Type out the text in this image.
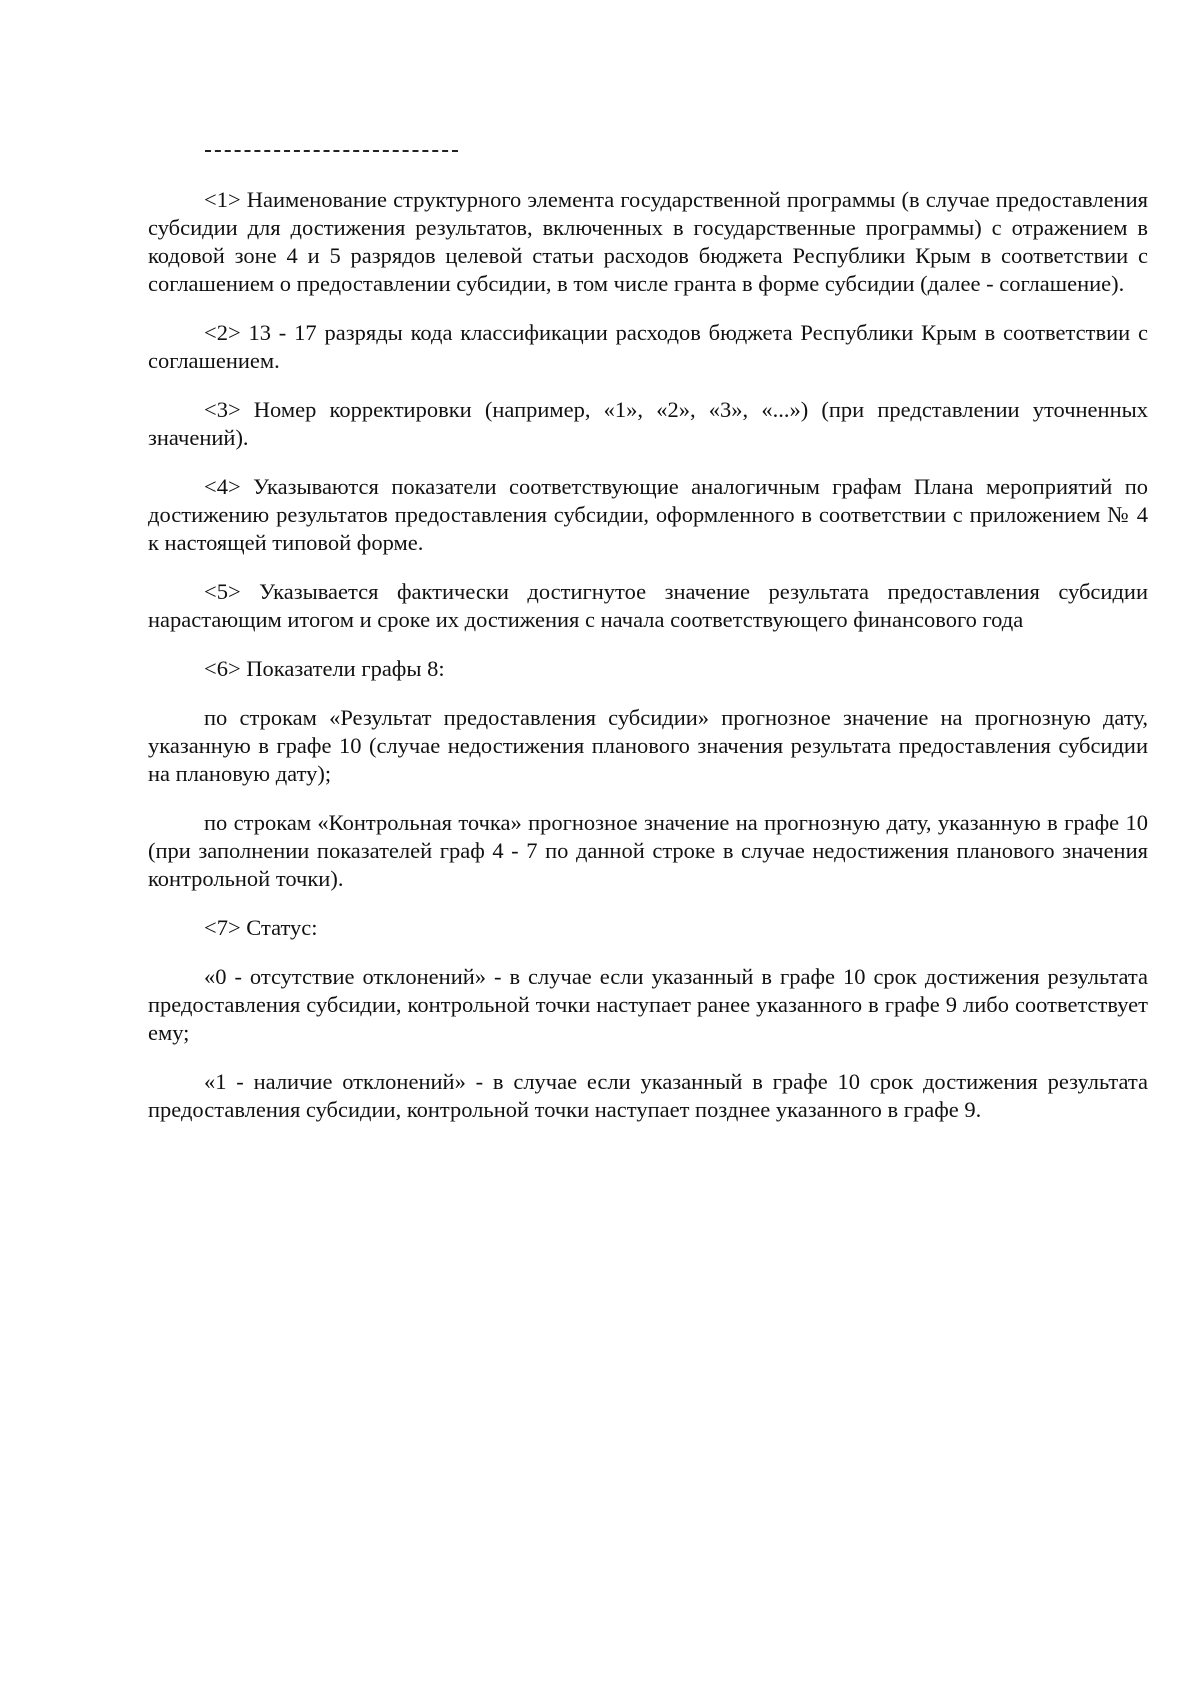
<1> Наименование структурного элемента государственной программы (в случае предоставления субсидии для достижения результатов, включенных в государственные программы) с отражением в кодовой зоне 4 и 5 разрядов целевой статьи расходов бюджета Республики Крым в соответствии с соглашением о предоставлении субсидии, в том числе гранта в форме субсидии (далее - соглашение).

<2> 13 - 17 разряды кода классификации расходов бюджета Республики Крым в соответствии с соглашением.

<3> Номер корректировки (например, «1», «2», «3», «...») (при представлении уточненных значений).

<4> Указываются показатели соответствующие аналогичным графам Плана мероприятий по достижению результатов предоставления субсидии, оформленного в соответствии с приложением № 4 к настоящей типовой форме.

<5> Указывается фактически достигнутое значение результата предоставления субсидии нарастающим итогом и сроке их достижения с начала соответствующего финансового года

<6> Показатели графы 8:

по строкам «Результат предоставления субсидии» прогнозное значение на прогнозную дату, указанную в графе 10 (случае недостижения планового значения результата предоставления субсидии на плановую дату);

по строкам «Контрольная точка» прогнозное значение на прогнозную дату, указанную в графе 10 (при заполнении показателей граф 4 - 7 по данной строке в случае недостижения планового значения контрольной точки).

<7> Статус:

«0 - отсутствие отклонений» - в случае если указанный в графе 10 срок достижения результата предоставления субсидии, контрольной точки наступает ранее указанного в графе 9 либо соответствует ему;

«1 - наличие отклонений» - в случае если указанный в графе 10 срок достижения результата предоставления субсидии, контрольной точки наступает позднее указанного в графе 9.
